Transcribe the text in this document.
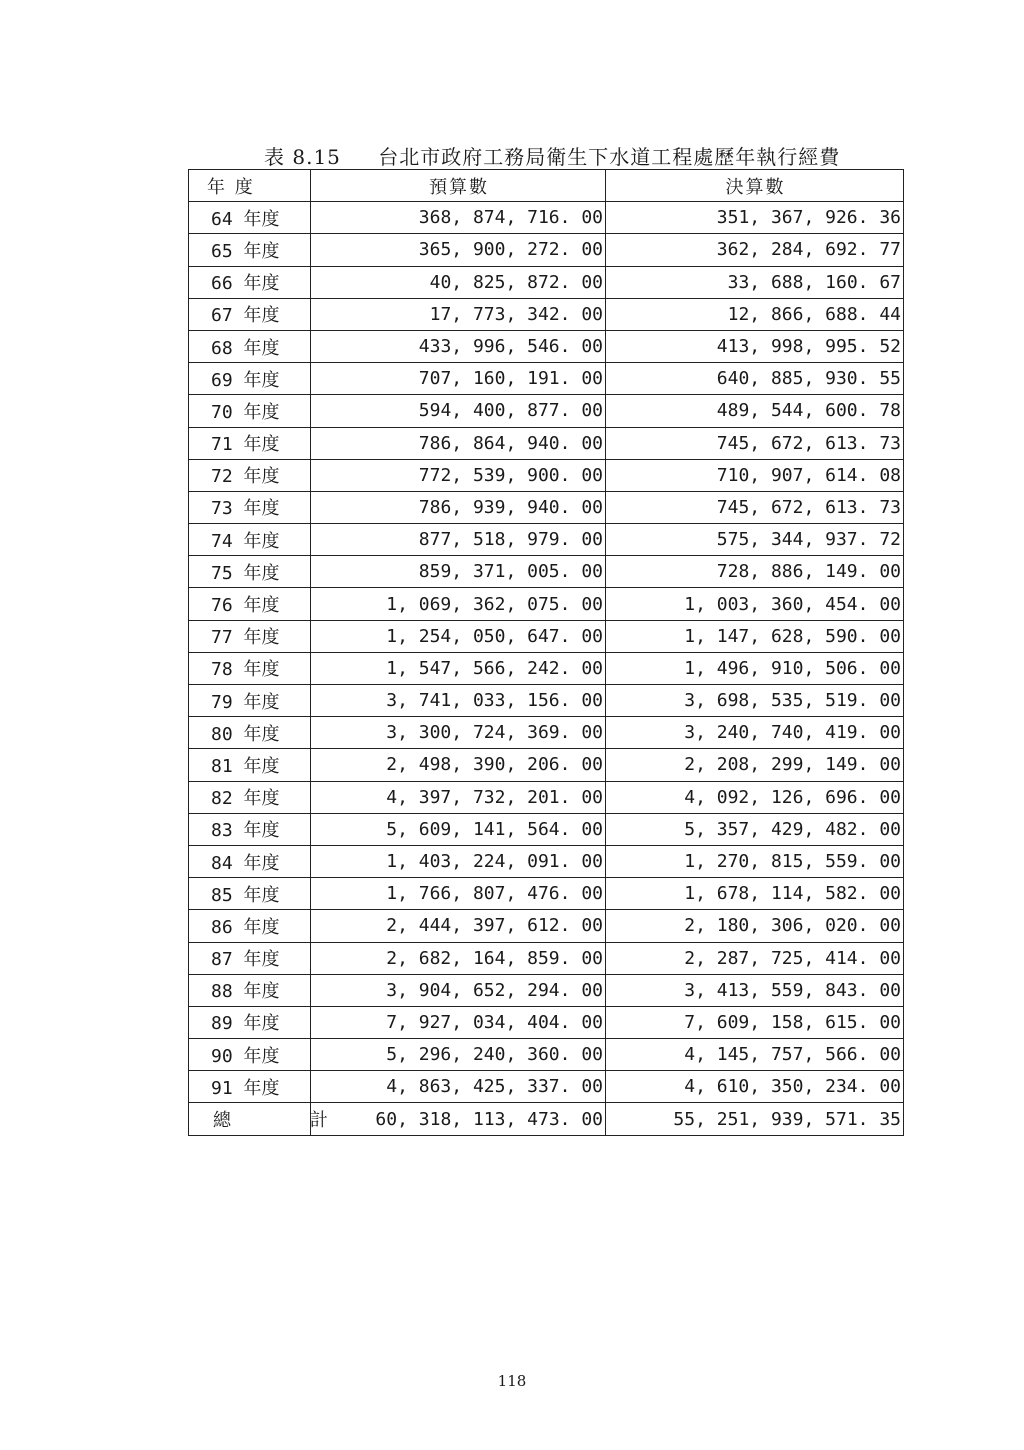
表 8.15 台北市政府工務局衛生下水道工程處歷年執行經費
年 度	預算數	決算數
64 年度	368, 874, 716. 00	351, 367, 926. 36
65 年度	365, 900, 272. 00	362, 284, 692. 77
66 年度	40, 825, 872. 00	33, 688, 160. 67
67 年度	17, 773, 342. 00	12, 866, 688. 44
68 年度	433, 996, 546. 00	413, 998, 995. 52
69 年度	707, 160, 191. 00	640, 885, 930. 55
70 年度	594, 400, 877. 00	489, 544, 600. 78
71 年度	786, 864, 940. 00	745, 672, 613. 73
72 年度	772, 539, 900. 00	710, 907, 614. 08
73 年度	786, 939, 940. 00	745, 672, 613. 73
74 年度	877, 518, 979. 00	575, 344, 937. 72
75 年度	859, 371, 005. 00	728, 886, 149. 00
76 年度	1, 069, 362, 075. 00	1, 003, 360, 454. 00
77 年度	1, 254, 050, 647. 00	1, 147, 628, 590. 00
78 年度	1, 547, 566, 242. 00	1, 496, 910, 506. 00
79 年度	3, 741, 033, 156. 00	3, 698, 535, 519. 00
80 年度	3, 300, 724, 369. 00	3, 240, 740, 419. 00
81 年度	2, 498, 390, 206. 00	2, 208, 299, 149. 00
82 年度	4, 397, 732, 201. 00	4, 092, 126, 696. 00
83 年度	5, 609, 141, 564. 00	5, 357, 429, 482. 00
84 年度	1, 403, 224, 091. 00	1, 270, 815, 559. 00
85 年度	1, 766, 807, 476. 00	1, 678, 114, 582. 00
86 年度	2, 444, 397, 612. 00	2, 180, 306, 020. 00
87 年度	2, 682, 164, 859. 00	2, 287, 725, 414. 00
88 年度	3, 904, 652, 294. 00	3, 413, 559, 843. 00
89 年度	7, 927, 034, 404. 00	7, 609, 158, 615. 00
90 年度	5, 296, 240, 360. 00	4, 145, 757, 566. 00
91 年度	4, 863, 425, 337. 00	4, 610, 350, 234. 00
總 計	60, 318, 113, 473. 00	55, 251, 939, 571. 35
118
